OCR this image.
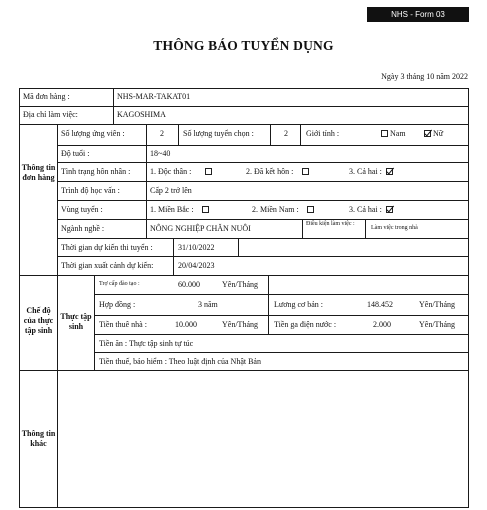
NHS - Form 03
THÔNG BÁO TUYỂN DỤNG
Ngày 3 tháng 10 năm 2022
Mã đơn hàng :	NHS-MAR-TAKAT01
Địa chỉ làm việc:	KAGOSHIMA
Thông tin đơn hàng
Số lượng ứng viên :	2 Số lượng tuyển chọn :	2 Giới tính :	Nam	Nữ
Độ tuổi :	18~40
Tình trạng hôn nhân : 1. Độc thân :	2. Đã kết hôn :	3. Cả hai :
Trình độ học vấn :	Cấp 2 trở lên
Vùng tuyển :	1. Miền Bắc :	2. Miền Nam :	3. Cả hai :
Ngành nghề :	NÔNG NGHIỆP CHĂN NUÔI	Điều kiện làm việc :
Làm việc trong nhà
Thời gian dự kiến thi tuyển :	31/10/2022
Thời gian xuất cảnh dự kiến:	20/04/2023
Chế độ của thực tập sinh
Thực tập sinh
Trợ cấp đào tạo :	60.000	Yên/Tháng
Hợp đồng :	3 năm	Lương cơ bản :	148.452	Yên/Tháng
Tiền thuê nhà :	10.000	Yên/Tháng Tiền ga điện nước :	2.000	Yên/Tháng
Tiền ăn : Thực tập sinh tự túc
Tiền thuế, bảo hiểm : Theo luật định của Nhật Bản
Thông tin khác
